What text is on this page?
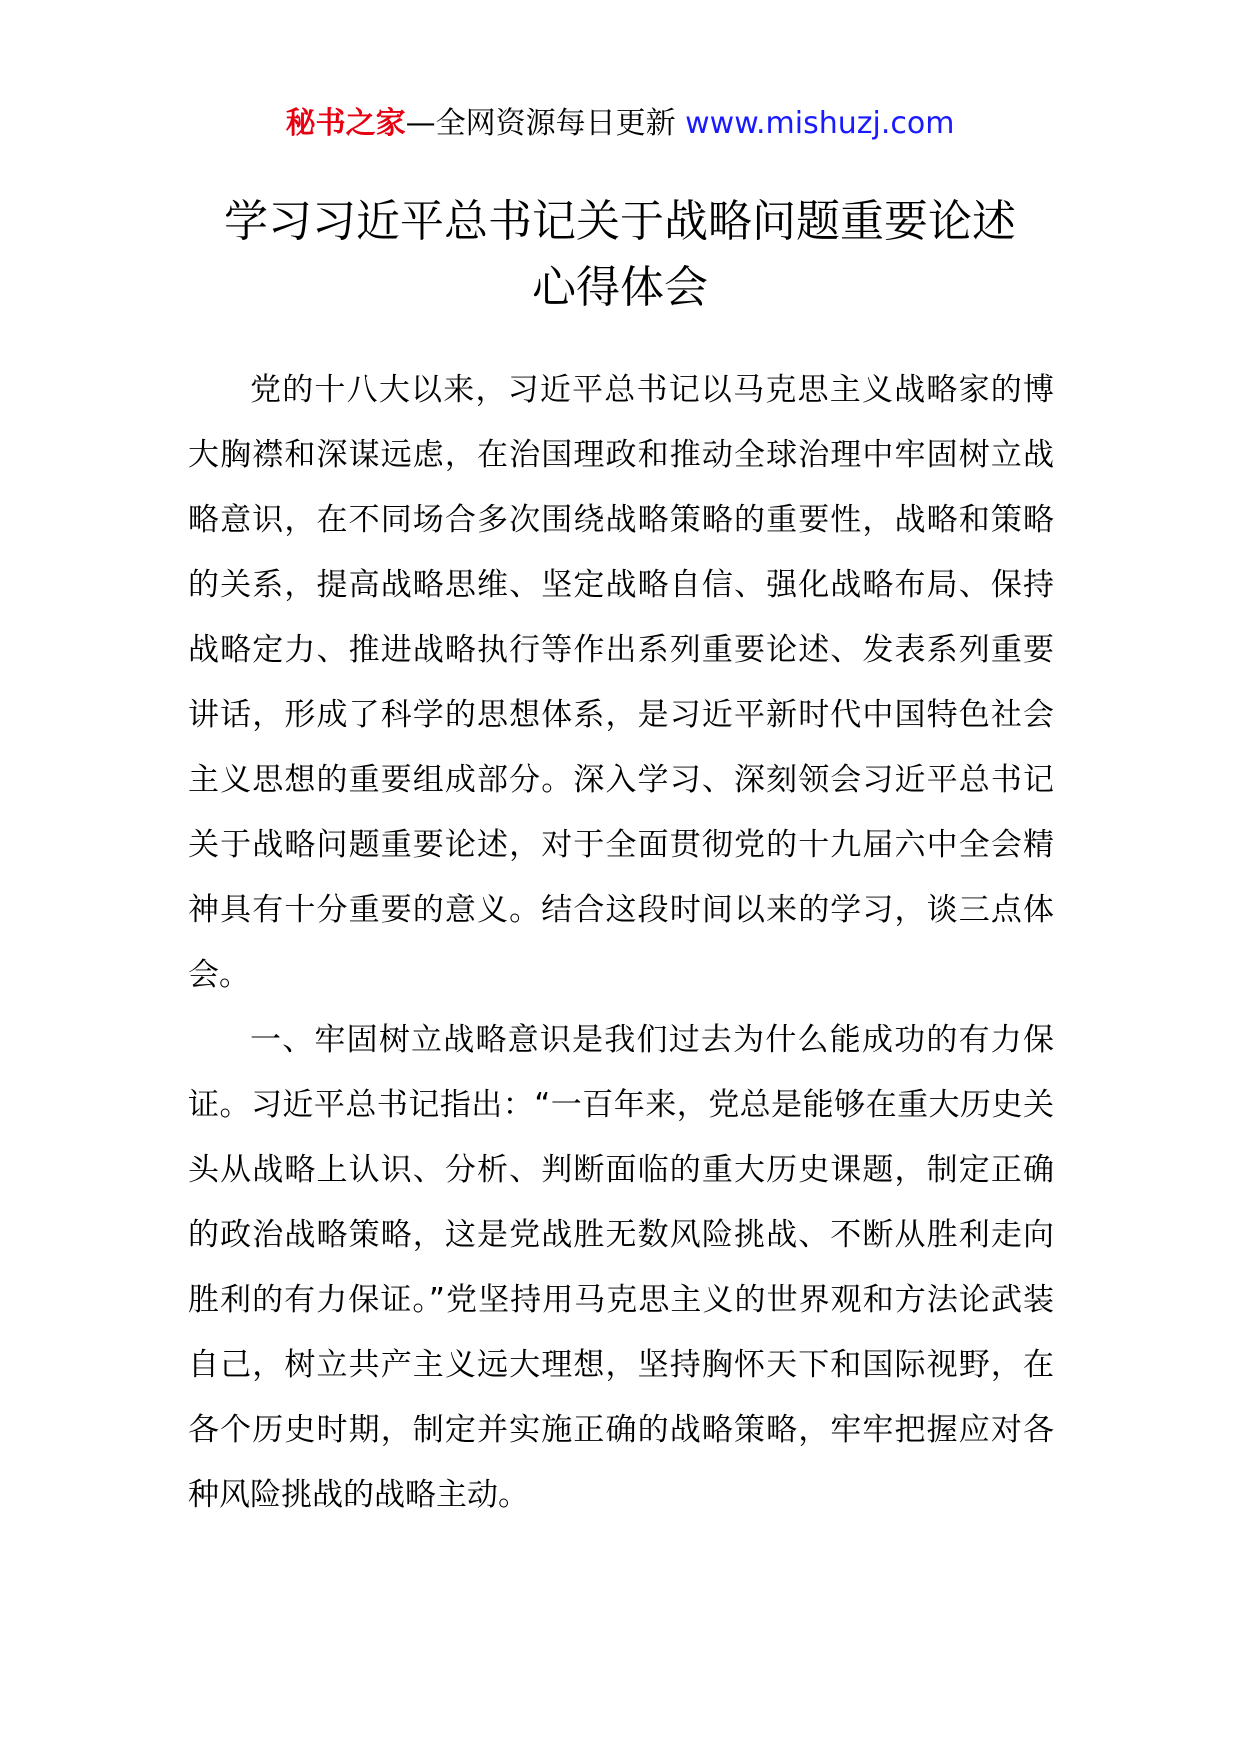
秘书之家—全网资源每日更新 www.mishuzj.com
学习习近平总书记关于战略问题重要论述
心得体会

党的十八大以来，习近平总书记以马克思主义战略家的博大胸襟和深谋远虑，在治国理政和推动全球治理中牢固树立战略意识，在不同场合多次围绕战略策略的重要性，战略和策略的关系，提高战略思维、坚定战略自信、强化战略布局、保持战略定力、推进战略执行等作出系列重要论述、发表系列重要讲话，形成了科学的思想体系，是习近平新时代中国特色社会主义思想的重要组成部分。深入学习、深刻领会习近平总书记关于战略问题重要论述，对于全面贯彻党的十九届六中全会精神具有十分重要的意义。结合这段时间以来的学习，谈三点体会。

一、牢固树立战略意识是我们过去为什么能成功的有力保证。习近平总书记指出：“一百年来，党总是能够在重大历史关头从战略上认识、分析、判断面临的重大历史课题，制定正确的政治战略策略，这是党战胜无数风险挑战、不断从胜利走向胜利的有力保证。”党坚持用马克思主义的世界观和方法论武装自己，树立共产主义远大理想，坚持胸怀天下和国际视野，在各个历史时期，制定并实施正确的战略策略，牢牢把握应对各种风险挑战的战略主动。
